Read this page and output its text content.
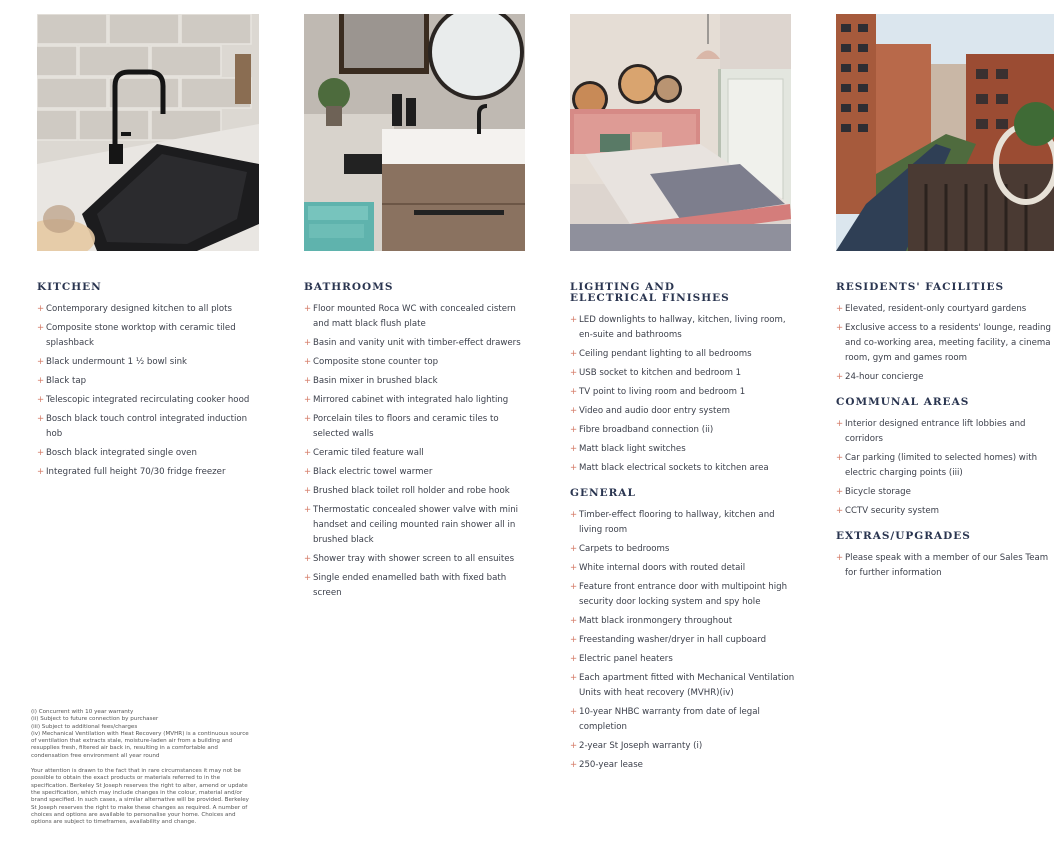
KITCHEN
+ Contemporary designed kitchen to all plots
+ Composite stone worktop with ceramic tiled splashback
+ Black undermount 1 ½ bowl sink
+ Black tap
+ Telescopic integrated recirculating cooker hood
+ Bosch black touch control integrated induction hob
+ Bosch black integrated single oven
+ Integrated full height 70/30 fridge freezer
BATHROOMS
+ Floor mounted Roca WC with concealed cistern and matt black flush plate
+ Basin and vanity unit with timber-effect drawers
+ Composite stone counter top
+ Basin mixer in brushed black
+ Mirrored cabinet with integrated halo lighting
+ Porcelain tiles to floors and ceramic tiles to selected walls
+ Ceramic tiled feature wall
+ Black electric towel warmer
+ Brushed black toilet roll holder and robe hook
+ Thermostatic concealed shower valve with mini handset and ceiling mounted rain shower all in brushed black
+ Shower tray with shower screen to all ensuites
+ Single ended enamelled bath with fixed bath screen
LIGHTING AND ELECTRICAL FINISHES
+ LED downlights to hallway, kitchen, living room, en-suite and bathrooms
+ Ceiling pendant lighting to all bedrooms
+ USB socket to kitchen and bedroom 1
+ TV point to living room and bedroom 1
+ Video and audio door entry system
+ Fibre broadband connection (ii)
+ Matt black light switches
+ Matt black electrical sockets to kitchen area
GENERAL
+ Timber-effect flooring to hallway, kitchen and living room
+ Carpets to bedrooms
+ White internal doors with routed detail
+ Feature front entrance door with multipoint high security door locking system and spy hole
+ Matt black ironmongery throughout
+ Freestanding washer/dryer in hall cupboard
+ Electric panel heaters
+ Each apartment fitted with Mechanical Ventilation Units with heat recovery (MVHR)(iv)
+ 10-year NHBC warranty from date of legal completion
+ 2-year St Joseph warranty (i)
+ 250-year lease
RESIDENTS' FACILITIES
+ Elevated, resident-only courtyard gardens
+ Exclusive access to a residents' lounge, reading and co-working area, meeting facility, a cinema room, gym and games room
+ 24-hour concierge
COMMUNAL AREAS
+ Interior designed entrance lift lobbies and corridors
+ Car parking (limited to selected homes) with electric charging points (iii)
+ Bicycle storage
+ CCTV security system
EXTRAS/UPGRADES
+ Please speak with a member of our Sales Team for further information

(i) Concurrent with 10 year warranty
(ii) Subject to future connection by purchaser
(iii) Subject to additional fees/charges
(iv) Mechanical Ventilation with Heat Recovery (MVHR) is a continuous source of ventilation that extracts stale, moisture-laden air from a building and resupplies fresh, filtered air back in, resulting in a comfortable and condensation free environment all year round

Your attention is drawn to the fact that in rare circumstances it may not be possible to obtain the exact products or materials referred to in the specification. Berkeley St Joseph reserves the right to alter, amend or update the specification, which may include changes in the colour, material and/or brand specified. In such cases, a similar alternative will be provided. Berkeley St Joseph reserves the right to make these changes as required. A number of choices and options are available to personalise your home. Choices and options are subject to timeframes, availability and change.
